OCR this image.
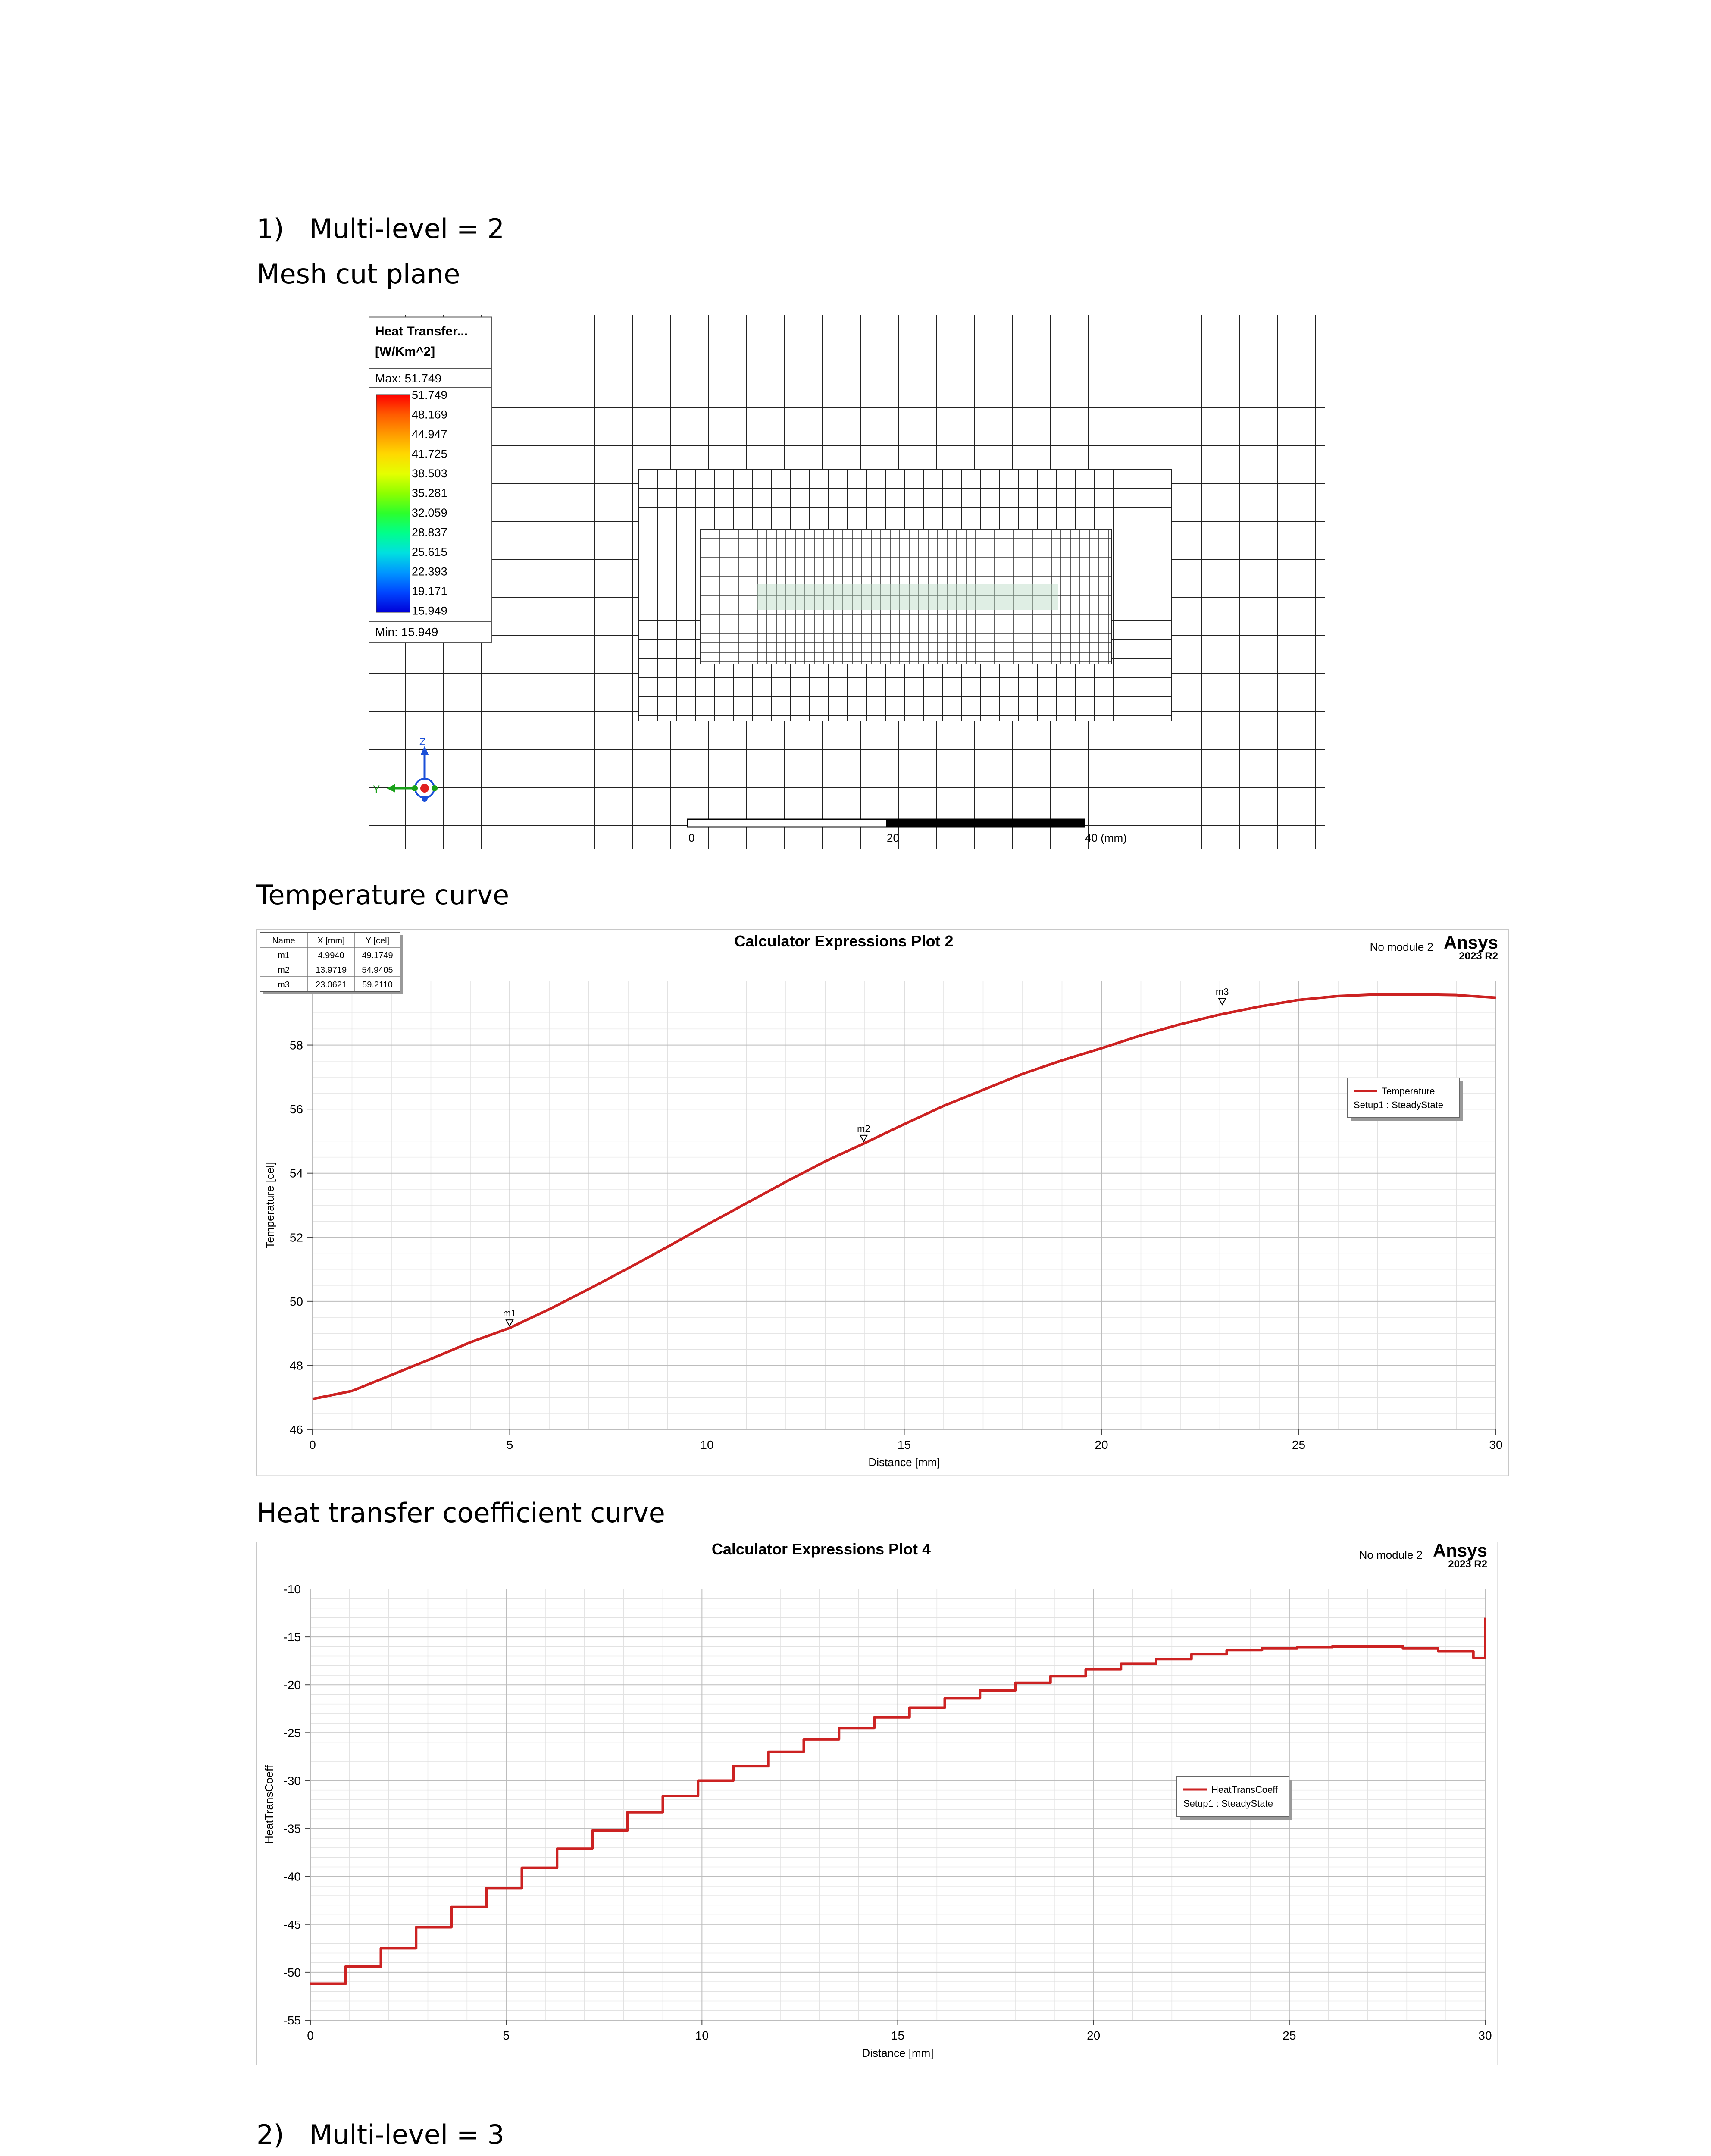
1) Multi-level = 2
Mesh cut plane
Heat Transfer...
[W/Km^2]
Max: 51.749
51.749
48.169
44.947
41.725
38.503
35.281
32.059
28.837
25.615
22.393
19.171
15.949
Min: 15.949
Z
Y
0	20	40 (mm)
Temperature curve
0	5	10	15	20	25	30
46
48
50
52
54
56
58
Distance [mm]
Temperature [cel]
Calculator Expressions Plot 2	No module 2 Ansys
2023 R2
m1
m2
m3
Temperature
Setup1 : SteadyState
Name	X [mm] Y [cel]
m1	4.9940 49.1749
m2	13.9719 54.9405
m3	23.0621 59.2110
Heat transfer coefficient curve
0	5	10	15	20	25	30
-55
-50
-45
-40
-35
-30
-25
-20
-15
-10
Distance [mm]
HeatTransCoeff
Calculator Expressions Plot 4	No module 2 Ansys
2023 R2
HeatTransCoeff
Setup1 : SteadyState
2) Multi-level = 3
